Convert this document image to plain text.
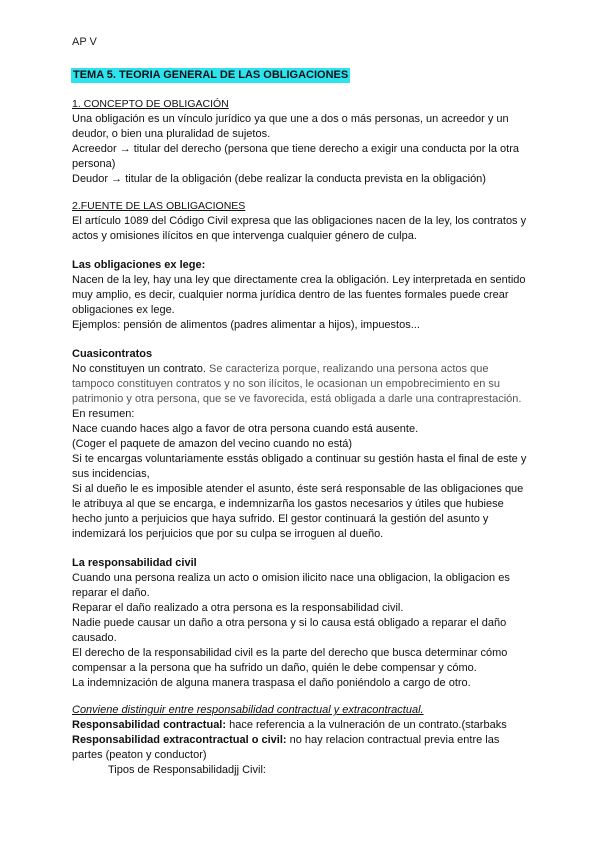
AP V
TEMA 5. TEORIA GENERAL DE LAS OBLIGACIONES

1. CONCEPTO DE OBLIGACIÓN

Una obligación es un vínculo jurídico ya que une a dos o más personas, un acreedor y un deudor, o bien una pluralidad de sujetos.

Acreedor → titular del derecho (persona que tiene derecho a exigir una conducta por la otra persona)

Deudor → titular de la obligación (debe realizar la conducta prevista en la obligación)

2.FUENTE DE LAS OBLIGACIONES

El artículo 1089 del Código Civil expresa que las obligaciones nacen de la ley, los contratos y actos y omisiones ilícitos en que intervenga cualquier género de culpa.

Las obligaciones ex lege:

Nacen de la ley, hay una ley que directamente crea la obligación. Ley interpretada en sentido muy amplio, es decir, cualquier norma jurídica dentro de las fuentes formales puede crear obligaciones ex lege.

Ejemplos: pensión de alimentos (padres alimentar a hijos), impuestos...

Cuasicontratos

No constituyen un contrato. Se caracteriza porque, realizando una persona actos que tampoco constituyen contratos y no son ilícitos, le ocasionan un empobrecimiento en su patrimonio y otra persona, que se ve favorecida, está obligada a darle una contraprestación.

En resumen:

Nace cuando haces algo a favor de otra persona cuando está ausente.

(Coger el paquete de amazon del vecino cuando no está)

Si te encargas voluntariamente esstás obligado a continuar su gestión hasta el final de este y sus incidencias,

Si al dueño le es imposible atender el asunto, éste será responsable de las obligaciones que le atribuya al que se encarga, e indemnizarña los gastos necesarios y útiles que hubiese hecho junto a perjuicios que haya sufrido. El gestor continuará la gestión del asunto y indemizará los perjuicios que por su culpa se irroguen al dueño.

La responsabilidad civil

Cuando una persona realiza un acto o omision ilicito nace una obligacion, la obligacion es reparar el daño.

Reparar el daño realizado a otra persona es la responsabilidad civil.

Nadie puede causar un daño a otra persona y si lo causa está obligado a reparar el daño causado.

El derecho de la responsabilidad civil es la parte del derecho que busca determinar cómo compensar a la persona que ha sufrido un daño, quién le debe compensar y cómo.

La indemnización de alguna manera traspasa el daño poniéndolo a cargo de otro.

Conviene distinguir entre responsabilidad contractual y extracontractual.

Responsabilidad contractual: hace referencia a la vulneración de un contrato.(starbaks

Responsabilidad extracontractual o civil: no hay relacion contractual previa entre las partes (peaton y conductor)

Tipos de Responsabilidadjj Civil:
